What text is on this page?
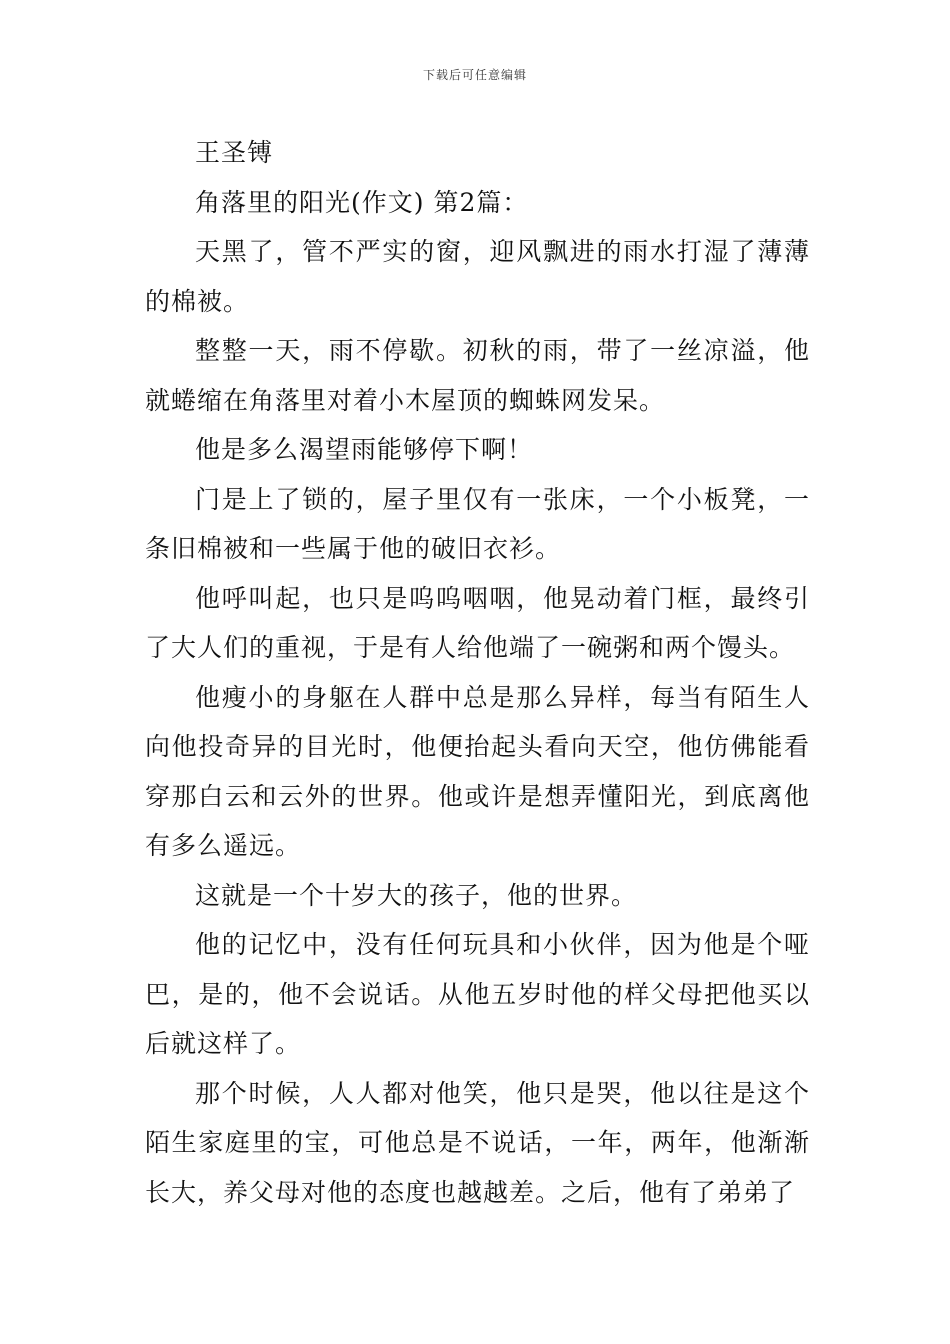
下载后可任意编辑

王圣镈

角落里的阳光(作文) 第2篇：

天黑了，管不严实的窗，迎风飘进的雨水打湿了薄薄的棉被。

整整一天，雨不停歇。初秋的雨，带了一丝凉溢，他就蜷缩在角落里对着小木屋顶的蜘蛛网发呆。

他是多么渴望雨能够停下啊！

门是上了锁的，屋子里仅有一张床，一个小板凳，一条旧棉被和一些属于他的破旧衣衫。

他呼叫起，也只是呜呜咽咽，他晃动着门框，最终引了大人们的重视，于是有人给他端了一碗粥和两个馒头。

他瘦小的身躯在人群中总是那么异样，每当有陌生人向他投奇异的目光时，他便抬起头看向天空，他仿佛能看穿那白云和云外的世界。他或许是想弄懂阳光，到底离他有多么遥远。

这就是一个十岁大的孩子，他的世界。

他的记忆中，没有任何玩具和小伙伴，因为他是个哑巴，是的，他不会说话。从他五岁时他的样父母把他买以后就这样了。

那个时候，人人都对他笑，他只是哭，他以往是这个陌生家庭里的宝，可他总是不说话，一年，两年，他渐渐长大，养父母对他的态度也越越差。之后，他有了弟弟了
